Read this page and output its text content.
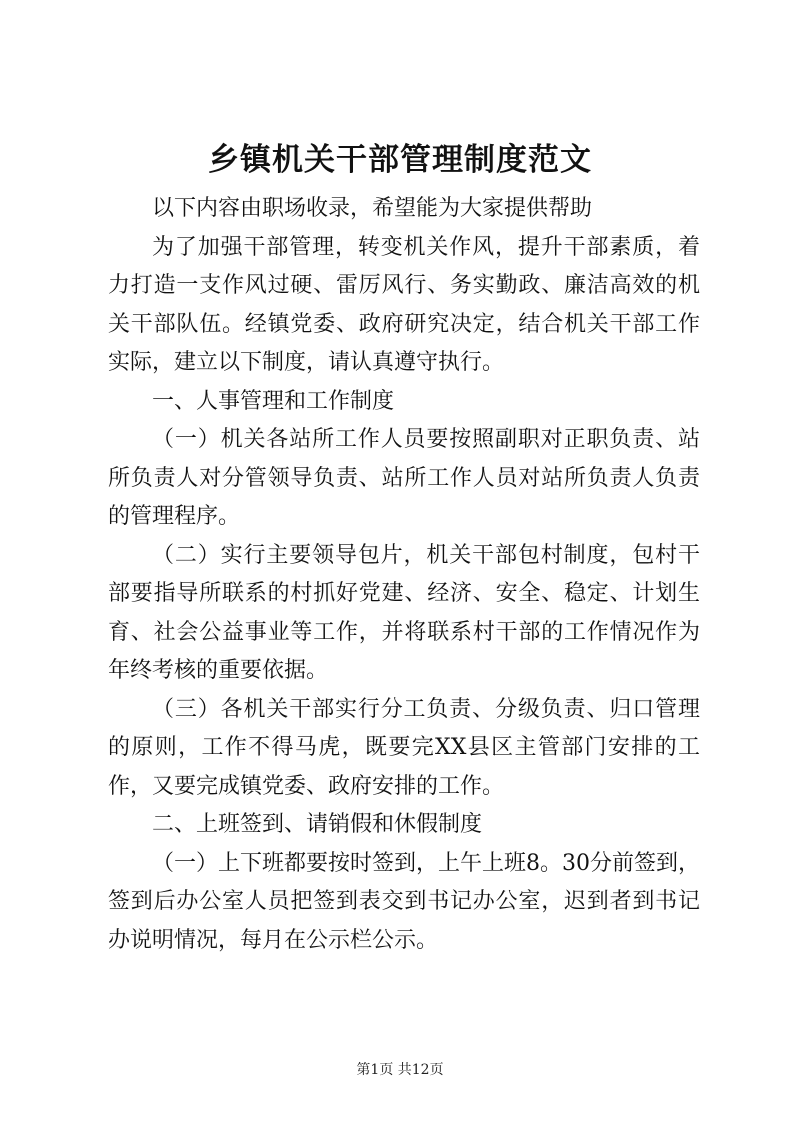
乡镇机关干部管理制度范文

以下内容由职场收录，希望能为大家提供帮助

为了加强干部管理，转变机关作风，提升干部素质，着力打造一支作风过硬、雷厉风行、务实勤政、廉洁高效的机关干部队伍。经镇党委、政府研究决定，结合机关干部工作实际，建立以下制度，请认真遵守执行。

一、人事管理和工作制度

（一）机关各站所工作人员要按照副职对正职负责、站所负责人对分管领导负责、站所工作人员对站所负责人负责的管理程序。

（二）实行主要领导包片，机关干部包村制度，包村干部要指导所联系的村抓好党建、经济、安全、稳定、计划生育、社会公益事业等工作，并将联系村干部的工作情况作为年终考核的重要依据。

（三）各机关干部实行分工负责、分级负责、归口管理的原则，工作不得马虎，既要完XX县区主管部门安排的工作，又要完成镇党委、政府安排的工作。

二、上班签到、请销假和休假制度

（一）上下班都要按时签到，上午上班8。30分前签到，签到后办公室人员把签到表交到书记办公室，迟到者到书记办说明情况，每月在公示栏公示。

第1页 共12页
